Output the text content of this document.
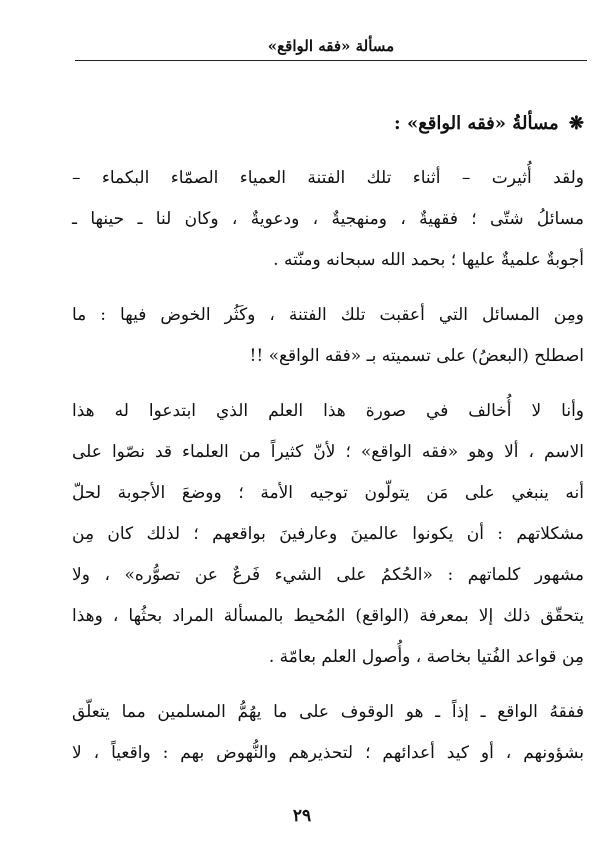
مسألة «فقه الواقع»
❋ مسألةُ «فقه الواقع» :
ولقد أُثيرت – أثناء تلك الفتنة العمياء الصمّاء البكماء –
مسائلُ شتّى ؛ فقهيةٌ ، ومنهجيةٌ ، ودعويةٌ ، وكان لنا ـ حينها ـ
أجوبةٌ علميةٌ عليها ؛ بحمد الله سبحانه ومنّته .
ومِن المسائل التي أعقبت تلك الفتنة ، وكَثُر الخوض فيها : ما
اصطلح (البعضُ) على تسميته بـ «فقه الواقع» !!
وأنا لا أُخالف في صورة هذا العلم الذي ابتدعوا له هذا
الاسم ، ألا وهو «فقه الواقع» ؛ لأنّ كثيراً من العلماء قد نصّوا على
أنه ينبغي على مَن يتولّون توجيه الأمة ؛ ووضعَ الأجوبة لحلّ
مشكلاتهم : أن يكونوا عالمينَ وعارفينَ بواقعهم ؛ لذلك كان مِن
مشهور كلماتهم : «الحُكمُ على الشيء فَرعٌ عن تصوُّره» ، ولا
يتحقّق ذلك إلا بمعرفة (الواقع) المُحيط بالمسألة المراد بحثُها ، وهذا
مِن قواعد الفُتيا بخاصة ، وأُصول العلم بعامّة .
ففقهُ الواقع ـ إذاً ـ هو الوقوف على ما يهُمُّ المسلمين مما يتعلّق
بشؤونهم ، أو كيد أعدائهم ؛ لتحذيرهم والنُّهوض بهم : واقعياً ، لا
٢٩
